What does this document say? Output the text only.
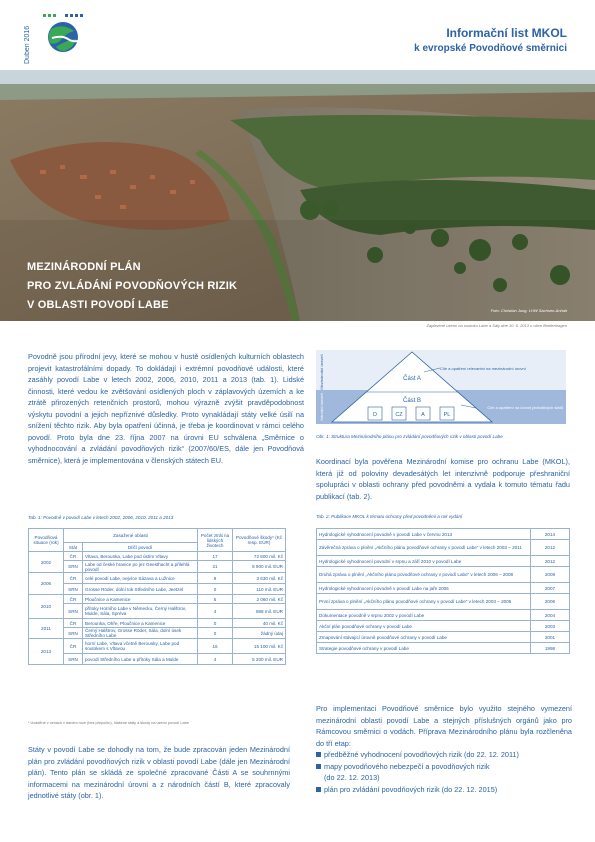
Duben 2016	Informační list MKOL
k evropské Povodňové směrnici
MEZINÁRODNÍ PLÁN
PRO ZVLÁDÁNÍ POVODŇOVÝCH RIZIK
V OBLASTI POVODÍ LABE	Foto: Christian Jung, LHW Sachsen-Anhalt
Zaplavené území na soutoku Labe a Sály dne 10. 6. 2013 u obce Breitenhagen
Povodně jsou přírodní jevy, které se mohou v hustě osídlených kulturních oblastech projevit katastrofálními dopady. To dokládají i extrémní povodňové události, které zasáhly povodí Labe v letech 2002, 2006, 2010, 2011 a 2013 (tab. 1). Lidské činnosti, které vedou ke zvětšování osídlených ploch v záplavových územích a ke ztrátě přirozených retenčních prostorů, mohou výrazně zvýšit pravděpodobnost výskytu povodní a jejich nepříznivé důsledky. Proto vynakládají státy velké úsilí na snížení těchto rizik. Aby byla opatření účinná, je třeba je koordinovat v rámci celého povodí. Proto byla dne 23. října 2007 na úrovni EU schválena „Směrnice o vyhodnocování a zvládání povodňových rizik“ (2007/60/ES, dále jen Povodňová směrnice), která je implementována v členských státech EU.
Tab. 1: Povodně v povodí Labe v letech 2002, 2006, 2010, 2011 a 2013
Povodňová situace (rok)	Zasažené oblasti		Počet ztrát na lidských životech	Povodňové škody* (Kč resp. EUR)
	Stát	Dílčí povodí		
2002	ČR	Vltava, Berounka, Labe pod ústím Vltavy	17	72 600 mil. Kč
	SRN	Labe od české hranice po jez Geesthacht a přilehlá povodí	21	8 900 mil. EUR
2006	ČR	celé povodí Labe, nejvíce Sázava a Lužnice	9	3 630 mil. Kč
	SRN	Grosse Röder, dolní tok Středního Labe, Jeetzel	0	110 mil. EUR
2010	ČR	Ploučnice a Kamenice	5	2 060 mil. Kč
	SRN	přítoky Horního Labe v Německu, Černý Halštrov, Mulde, Sála, Spréva	4	868 mil. EUR
2011	ČR	Berounka, Ohře, Ploučnice a Kamenice	0	40 mil. Kč
	SRN	Černý Halštrov, Grosse Röder, Sála, dolní úsek Středního Labe	0	žádný údaj
2013	ČR	horní Labe, Vltava včetně Berounky, Labe pod soutokem s Vltavou	16	15 100 mil. Kč
	SRN	povodí Středního Labe a přítoky Sála a Mulde	4	5 200 mil. EUR
* Uváděné v cenách v daném roce (bez přepočtu), hlášené státy a škody na území povodí Labe
Státy v povodí Labe se dohodly na tom, že bude zpracován jeden Mezinárodní plán pro zvládání povodňových rizik v oblasti povodí Labe (dále jen Mezinárodní plán). Tento plán se skládá ze společné zpracované Části A se souhrnnými informacemi na mezinárodní úrovni a z národních částí B, které zpracovaly jednotlivé státy (obr. 1).
Mezinárodní úroveň
Národní úroveň
Část A
Část B
D	CZ	A	PL
Cíle a opatření relevantní na mezinárodní úrovni
Cíle a opatření na úrovni jednotlivých států
Obr. 1: Struktura Mezinárodního plánu pro zvládání povodňových rizik v oblasti povodí Labe
Koordinací byla pověřena Mezinárodní komise pro ochranu Labe (MKOL), která již od poloviny devadesátých let intenzivně podporuje přeshraniční spolupráci v oblasti ochrany před povodněmi a vydala k tomuto tématu řadu publikací (tab. 2).
Tab. 2: Publikace MKOL k tématu ochrany před povodněmi a rok vydání
Hydrologické vyhodnocení povodně v povodí Labe v červnu 2013	2014
Závěrečná zpráva o plnění „Akčního plánu povodňové ochrany v povodí Labe“ v letech 2003 – 2011	2012
Hydrologické vyhodnocení povodní v srpnu a září 2010 v povodí Labe	2012
Druhá zpráva o plnění „Akčního plánu povodňové ochrany v povodí Labe“ v letech 2006 – 2008	2009
Hydrologické vyhodnocení povodně v povodí Labe na jaře 2006	2007
První zpráva o plnění „Akčního plánu povodňové ochrany v povodí Labe“ v letech 2003 – 2005	2006
Dokumentace povodně v srpnu 2002 v povodí Labe	2004
Akční plán povodňové ochrany v povodí Labe	2003
Zmapování stávající úrovně povodňové ochrany v povodí Labe	2001
Strategie povodňové ochrany v povodí Labe	1998
Pro implementaci Povodňové směrnice bylo využito stejného vymezení mezinárodní oblasti povodí Labe a stejných příslušných orgánů jako pro Rámcovou směrnici o vodách. Příprava Mezinárodního plánu byla rozčleněna do tří etap:
předběžné vyhodnocení povodňových rizik (do 22. 12. 2011)
mapy povodňového nebezpečí a povodňových rizik
(do 22. 12. 2013)
plán pro zvládání povodňových rizik (do 22. 12. 2015)
